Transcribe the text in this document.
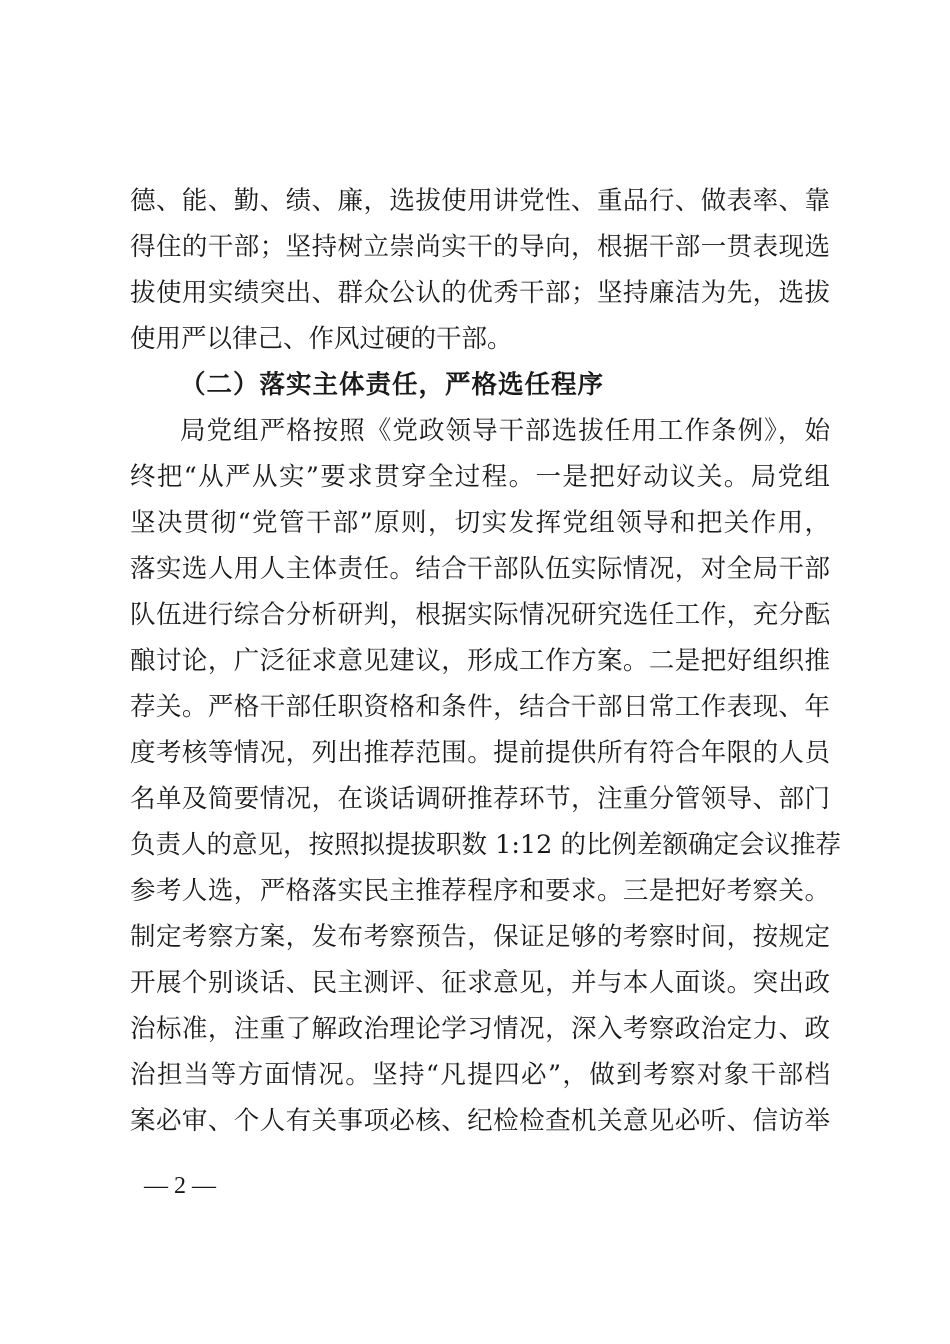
德、能、勤、绩、廉，选拔使用讲党性、重品行、做表率、靠
得住的干部；坚持树立崇尚实干的导向，根据干部一贯表现选
拔使用实绩突出、群众公认的优秀干部；坚持廉洁为先，选拔
使用严以律己、作风过硬的干部。
（二）落实主体责任，严格选任程序
局党组严格按照《党政领导干部选拔任用工作条例》，始
终把“从严从实”要求贯穿全过程。一是把好动议关。局党组
坚决贯彻“党管干部”原则，切实发挥党组领导和把关作用，
落实选人用人主体责任。结合干部队伍实际情况，对全局干部
队伍进行综合分析研判，根据实际情况研究选任工作，充分酝
酿讨论，广泛征求意见建议，形成工作方案。二是把好组织推
荐关。严格干部任职资格和条件，结合干部日常工作表现、年
度考核等情况，列出推荐范围。提前提供所有符合年限的人员
名单及简要情况，在谈话调研推荐环节，注重分管领导、部门
负责人的意见，按照拟提拔职数 1:12 的比例差额确定会议推荐
参考人选，严格落实民主推荐程序和要求。三是把好考察关。
制定考察方案，发布考察预告，保证足够的考察时间，按规定
开展个别谈话、民主测评、征求意见，并与本人面谈。突出政
治标准，注重了解政治理论学习情况，深入考察政治定力、政
治担当等方面情况。坚持“凡提四必”，做到考察对象干部档
案必审、个人有关事项必核、纪检检查机关意见必听、信访举
— 2 —
